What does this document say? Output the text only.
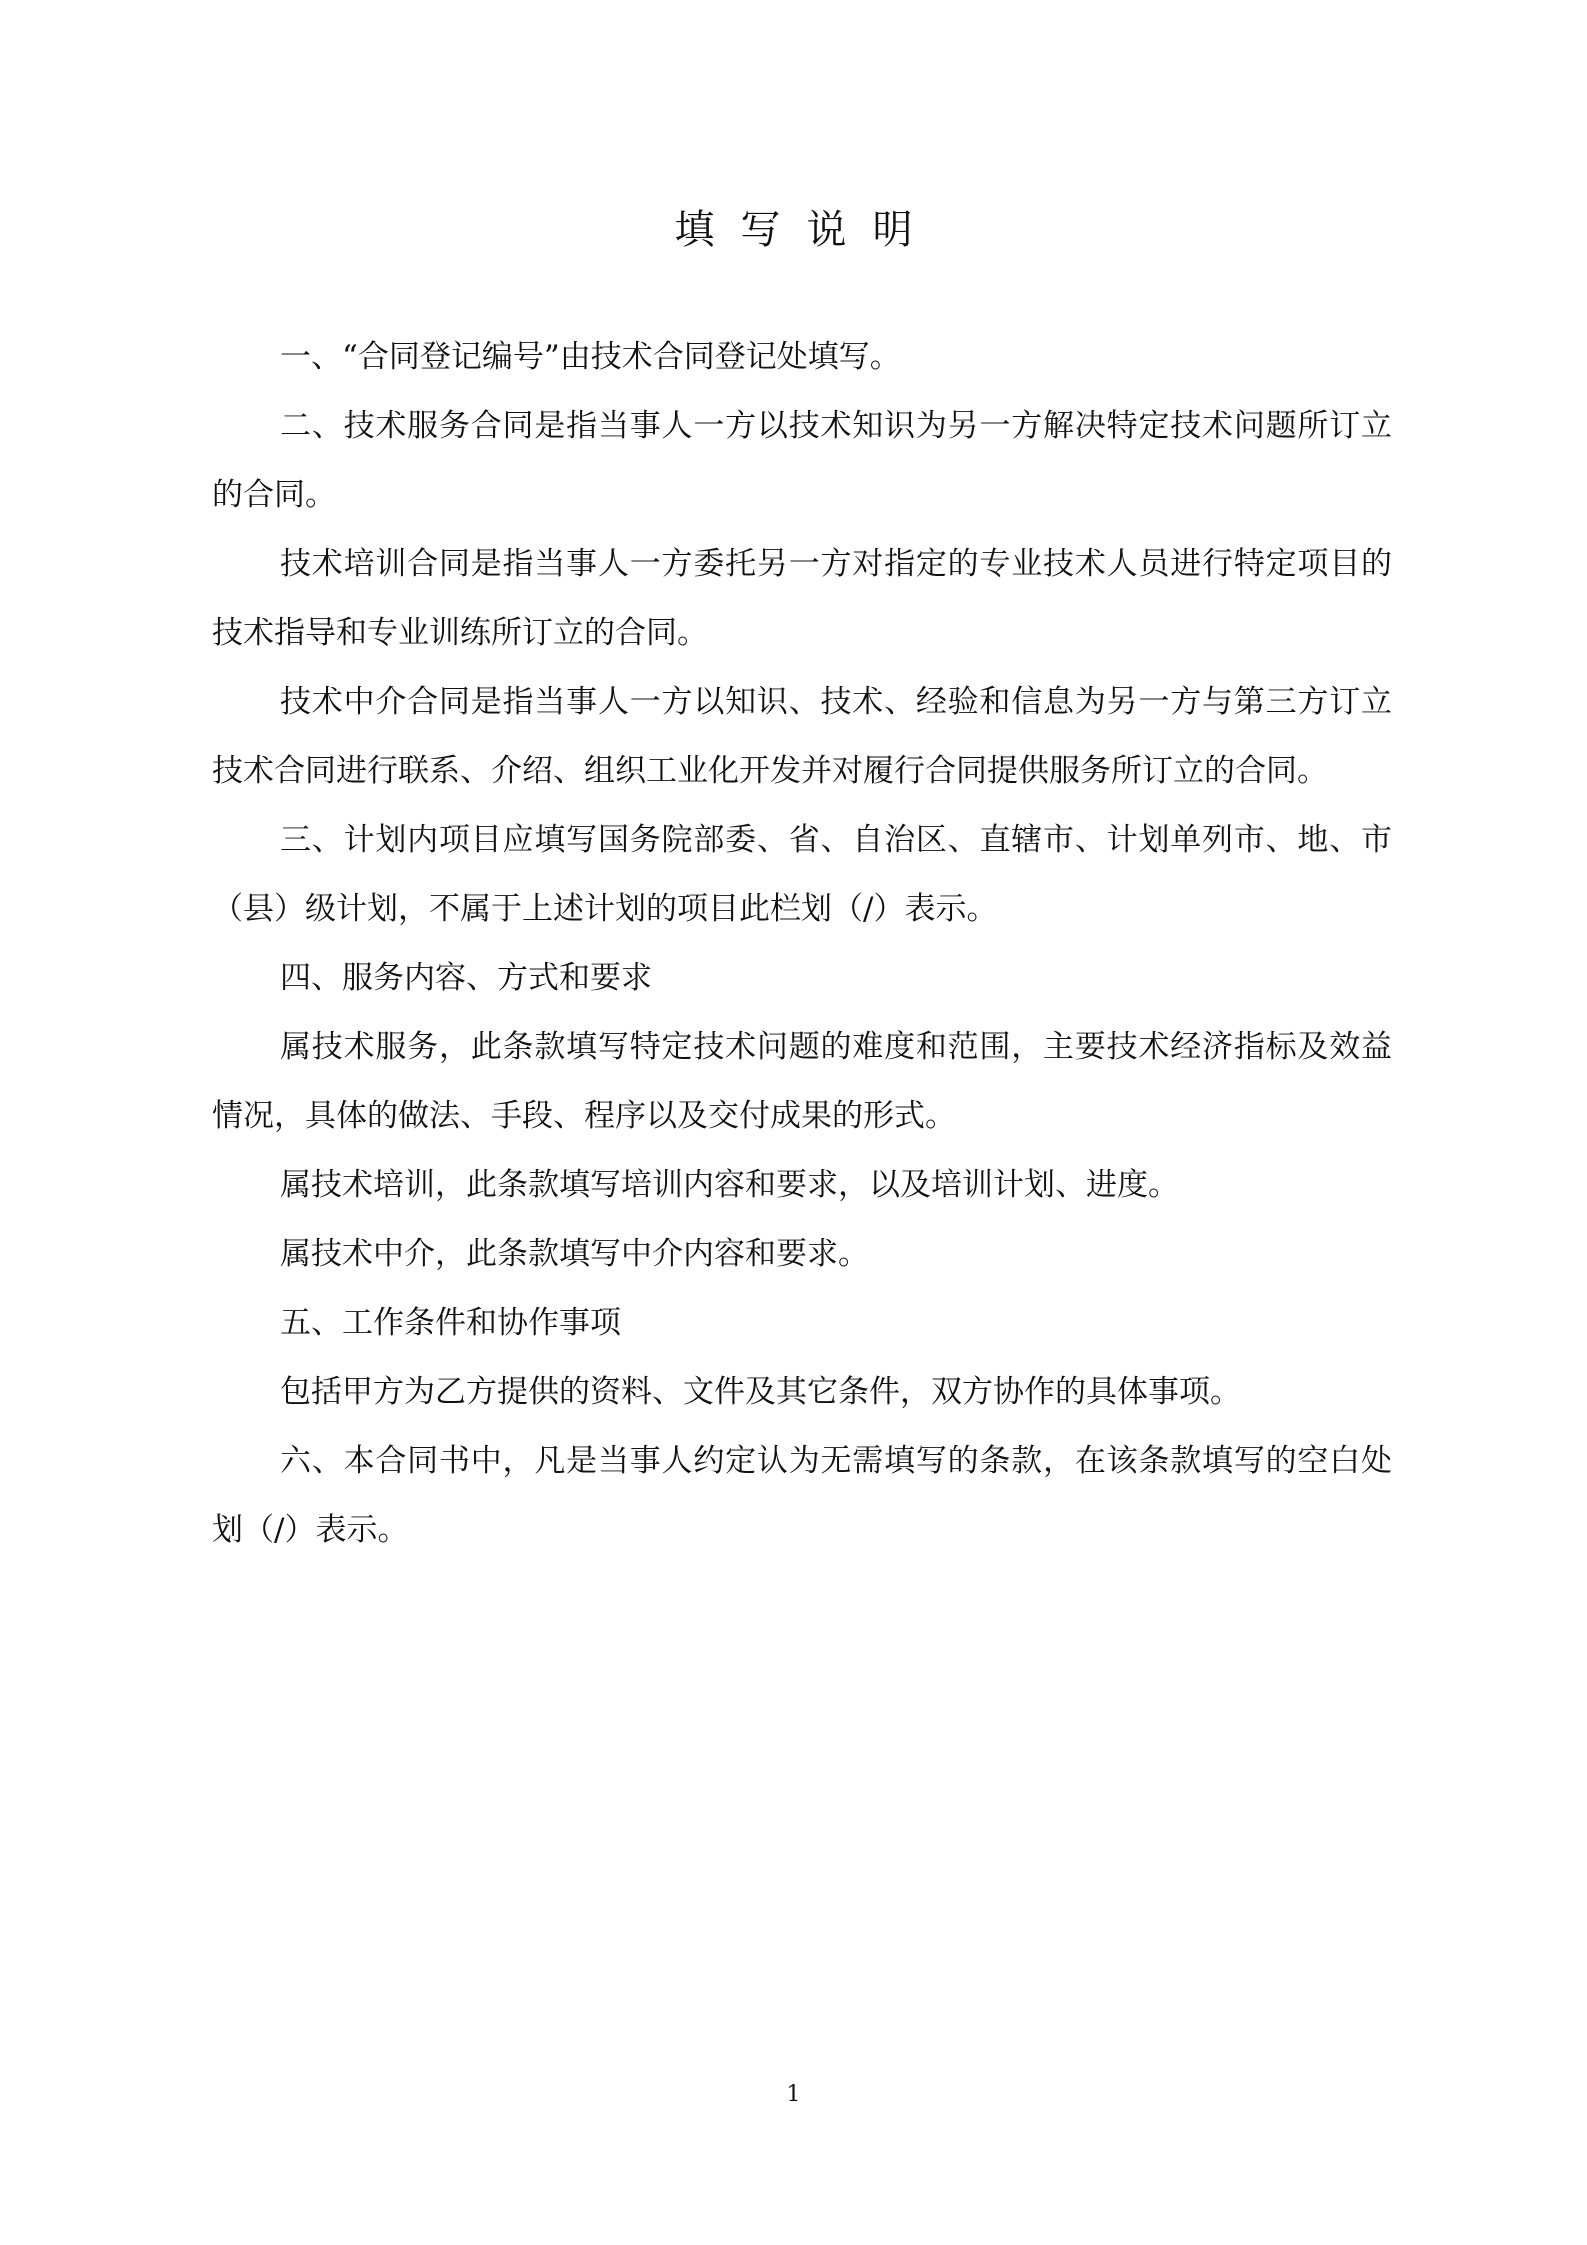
填写说明

一、“合同登记编号”由技术合同登记处填写。

二、技术服务合同是指当事人一方以技术知识为另一方解决特定技术问题所订立的合同。

技术培训合同是指当事人一方委托另一方对指定的专业技术人员进行特定项目的技术指导和专业训练所订立的合同。

技术中介合同是指当事人一方以知识、技术、经验和信息为另一方与第三方订立技术合同进行联系、介绍、组织工业化开发并对履行合同提供服务所订立的合同。

三、计划内项目应填写国务院部委、省、自治区、直辖市、计划单列市、地、市（县）级计划，不属于上述计划的项目此栏划（/）表示。

四、服务内容、方式和要求

属技术服务，此条款填写特定技术问题的难度和范围，主要技术经济指标及效益情况，具体的做法、手段、程序以及交付成果的形式。

属技术培训，此条款填写培训内容和要求，以及培训计划、进度。

属技术中介，此条款填写中介内容和要求。

五、工作条件和协作事项

包括甲方为乙方提供的资料、文件及其它条件，双方协作的具体事项。

六、本合同书中，凡是当事人约定认为无需填写的条款，在该条款填写的空白处 划（/）表示。

1
